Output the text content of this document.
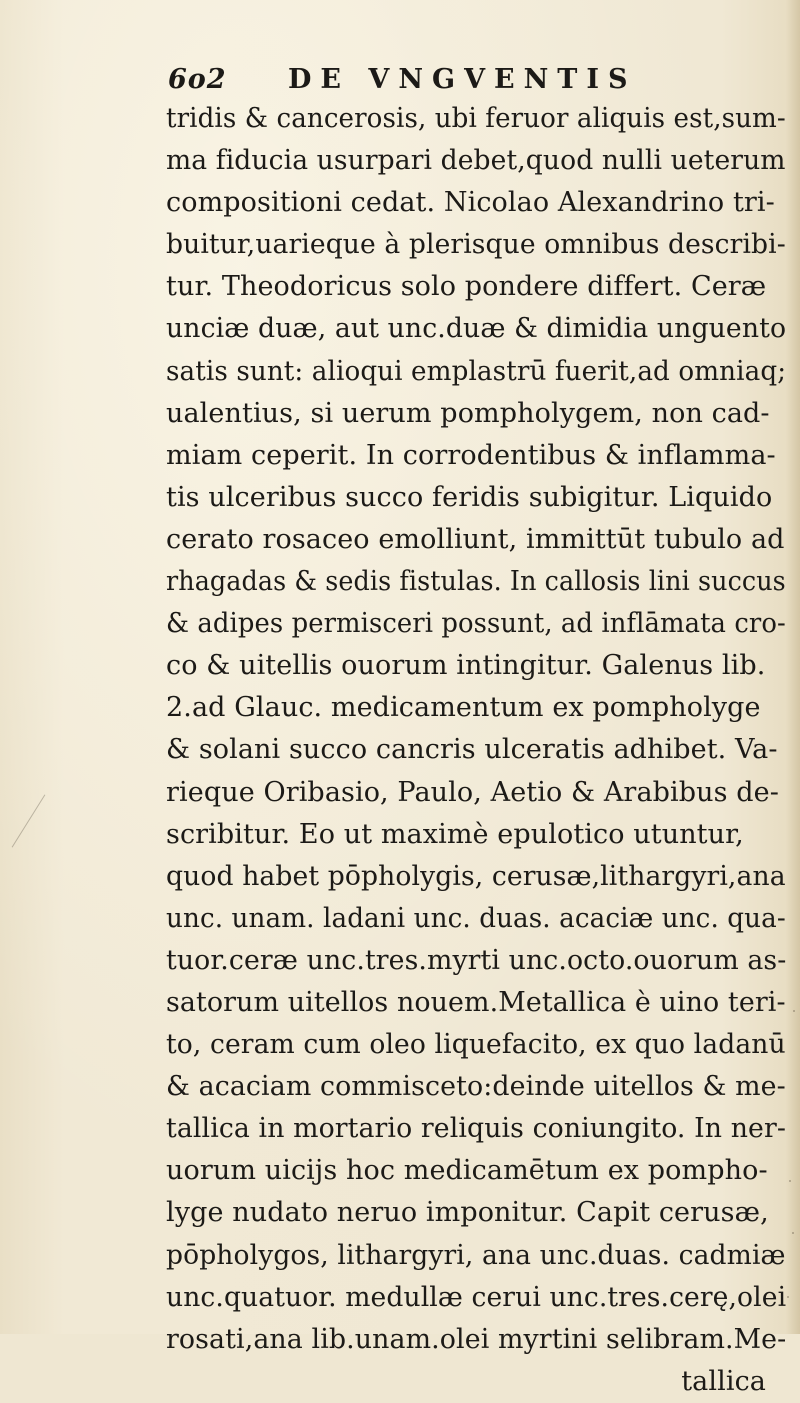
6o2 DE VNGVENTIS
tridis & cancerosis, ubi feruor aliquis est,sum-
ma fiducia usurpari debet,quod nulli ueterum
compositioni cedat. Nicolao Alexandrino tri-
buitur,uarieque à plerisque omnibus describi-
tur. Theodoricus solo pondere differt. Ceræ
unciæ duæ, aut unc.duæ & dimidia unguento
satis sunt: alioqui emplastrū fuerit,ad omniaq;
ualentius, si uerum pompholygem, non cad-
miam ceperit. In corrodentibus & inflamma-
tis ulceribus succo feridis subigitur. Liquido
cerato rosaceo emolliunt, immittūt tubulo ad
rhagadas & sedis fistulas. In callosis lini succus
& adipes permisceri possunt, ad inflāmata cro-
co & uitellis ouorum intingitur. Galenus lib.
2.ad Glauc. medicamentum ex pompholyge
& solani succo cancris ulceratis adhibet. Va-
rieque Oribasio, Paulo, Aetio & Arabibus de-
scribitur. Eo ut maximè epulotico utuntur,
quod habet pōpholygis, cerusæ,lithargyri,ana
unc. unam. ladani unc. duas. acaciæ unc. qua-
tuor.ceræ unc.tres.myrti unc.octo.ouorum as-
satorum uitellos nouem.Metallica è uino teri-
to, ceram cum oleo liquefacito, ex quo ladanū
& acaciam commisceto:deinde uitellos & me-
tallica in mortario reliquis coniungito. In ner-
uorum uicijs hoc medicamētum ex pompho-
lyge nudato neruo imponitur. Capit cerusæ,
pōpholygos, lithargyri, ana unc.duas. cadmiæ
unc.quatuor. medullæ cerui unc.tres.cerę,olei
rosati,ana lib.unam.olei myrtini selibram.Me-
tallica
